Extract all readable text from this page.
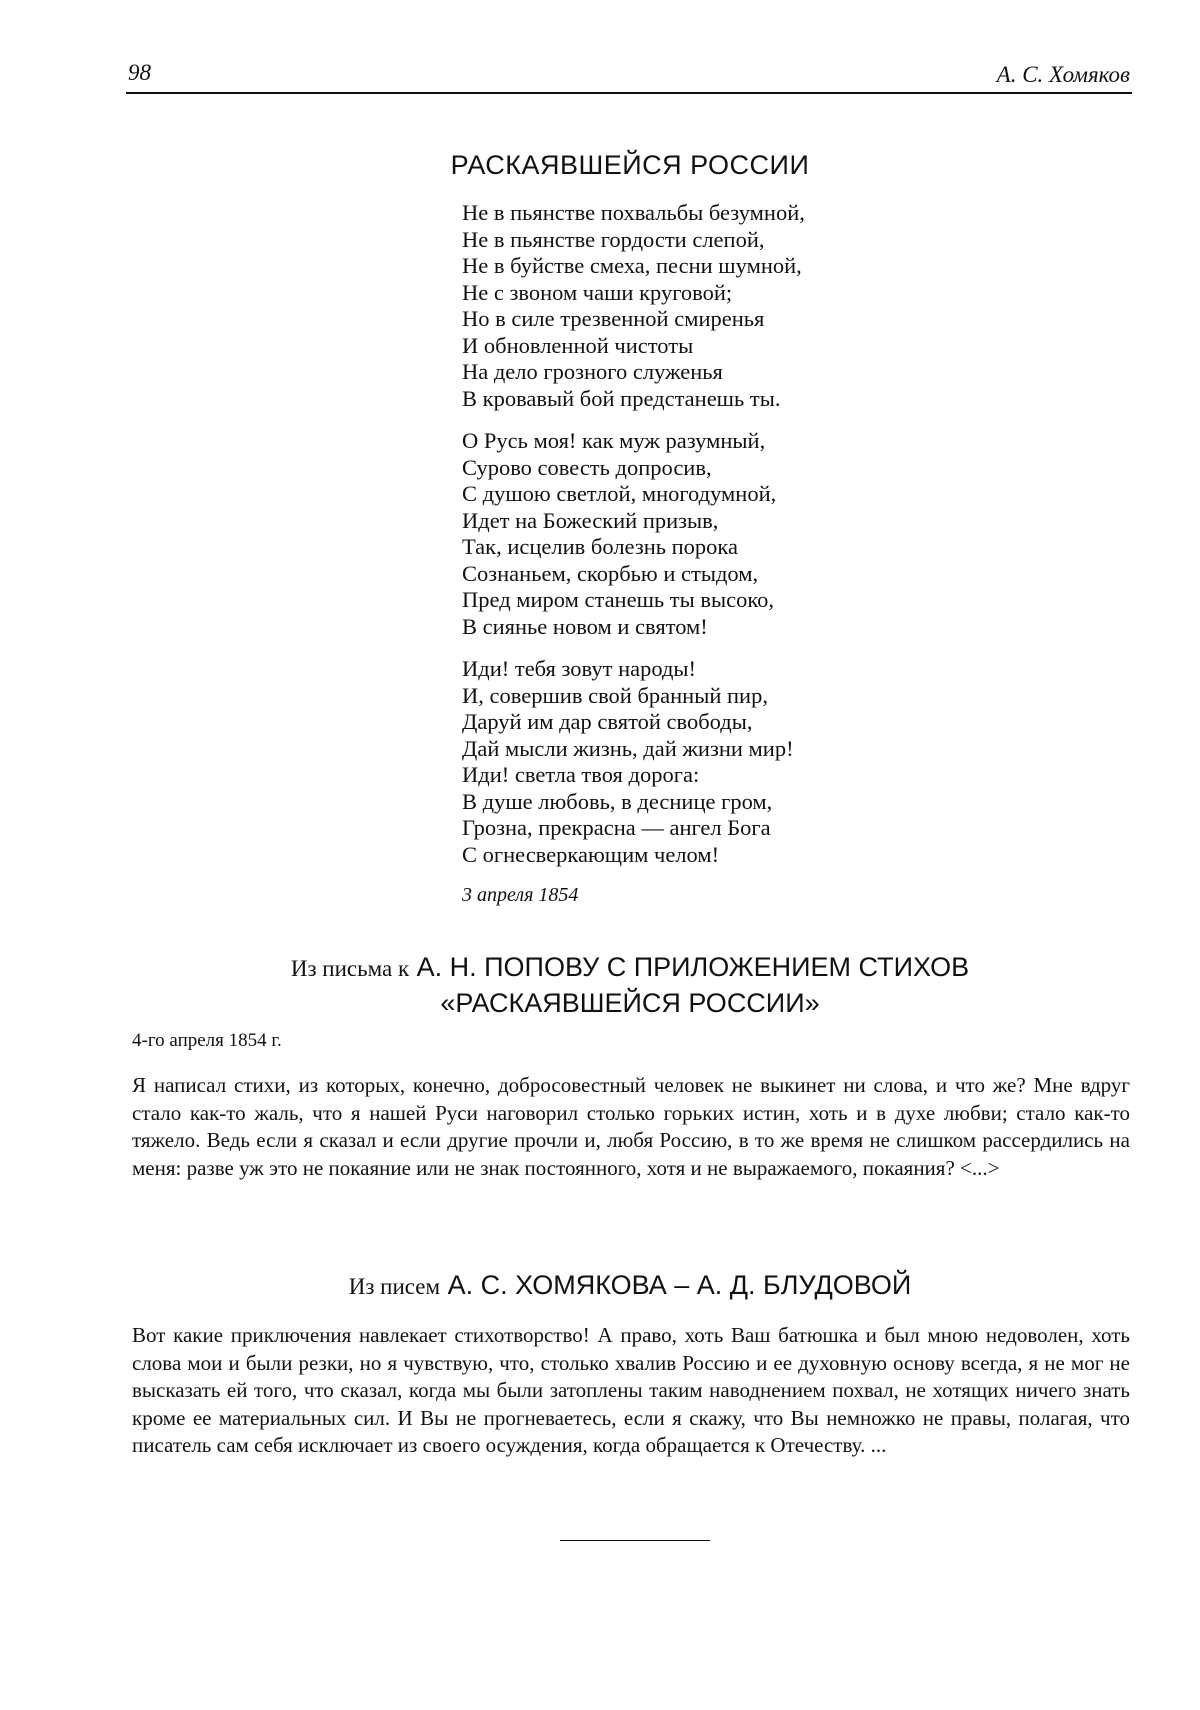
98	А. С. Хомяков
РАСКАЯВШЕЙСЯ РОССИИ
Не в пьянстве похвальбы безумной,
Не в пьянстве гордости слепой,
Не в буйстве смеха, песни шумной,
Не с звоном чаши круговой;
Но в силе трезвенной смиренья
И обновленной чистоты
На дело грозного служенья
В кровавый бой предстанешь ты.
О Русь моя! как муж разумный,
Сурово совесть допросив,
С душою светлой, многодумной,
Идет на Божеский призыв,
Так, исцелив болезнь порока
Сознаньем, скорбью и стыдом,
Пред миром станешь ты высоко,
В сиянье новом и святом!
Иди! тебя зовут народы!
И, совершив свой бранный пир,
Даруй им дар святой свободы,
Дай мысли жизнь, дай жизни мир!
Иди! светла твоя дорога:
В душе любовь, в деснице гром,
Грозна, прекрасна — ангел Бога
С огнесверкающим челом!
3 апреля 1854
Из письма к А. Н. ПОПОВУ С ПРИЛОЖЕНИЕМ СТИХОВ
«РАСКАЯВШЕЙСЯ РОССИИ»
4-го апреля 1854 г.

Я написал стихи, из которых, конечно, добросовестный человек не выкинет ни слова, и что же? Мне вдруг стало как-то жаль, что я нашей Руси наговорил столько горьких истин, хоть и в духе любви; стало как-то тяжело. Ведь если я сказал и если другие прочли и, любя Россию, в то же время не слишком рассердились на меня: разве уж это не покаяние или не знак постоянного, хотя и не выражаемого, покаяния? <...>

Из писем А. С. ХОМЯКОВА – А. Д. БЛУДОВОЙ

Вот какие приключения навлекает стихотворство! А право, хоть Ваш батюшка и был мною недоволен, хоть слова мои и были резки, но я чувствую, что, столько хвалив Россию и ее духовную основу всегда, я не мог не высказать ей того, что сказал, когда мы были затоплены таким наводнением похвал, не хотящих ничего знать кроме ее материальных сил. И Вы не прогневаетесь, если я скажу, что Вы немножко не правы, полагая, что писатель сам себя исключает из своего осуждения, когда обращается к Отечеству. ...
